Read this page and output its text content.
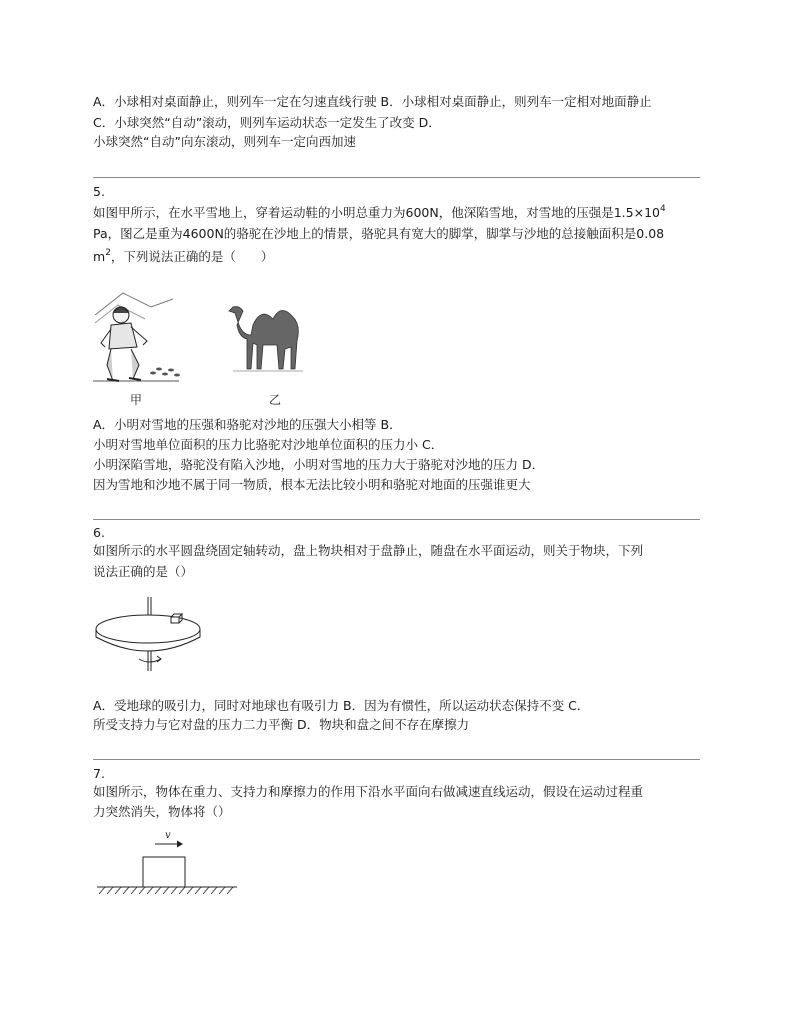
A．小球相对桌面静止，则列车一定在匀速直线行驶 B．小球相对桌面静止，则列车一定相对地面静止
C．小球突然“自动”滚动，则列车运动状态一定发生了改变 D．
小球突然“自动”向东滚动，则列车一定向西加速
5.
如图甲所示，在水平雪地上，穿着运动鞋的小明总重力为600N，他深陷雪地，对雪地的压强是$1.5\times 10^4$
Pa，图乙是重为4600N的骆驼在沙地上的情景，骆驼具有宽大的脚掌，脚掌与沙地的总接触面积是0.08
$m^2$，下列说法正确的是（　　）
甲	乙
A．小明对雪地的压强和骆驼对沙地的压强大小相等 B．
小明对雪地单位面积的压力比骆驼对沙地单位面积的压力小 C．
小明深陷雪地，骆驼没有陷入沙地，小明对雪地的压力大于骆驼对沙地的压力 D．
因为雪地和沙地不属于同一物质，根本无法比较小明和骆驼对地面的压强谁更大
6.
如图所示的水平圆盘绕固定轴转动，盘上物块相对于盘静止，随盘在水平面运动，则关于物块，下列
说法正确的是（）
A．受地球的吸引力，同时对地球也有吸引力 B．因为有惯性，所以运动状态保持不变 C．
所受支持力与它对盘的压力二力平衡 D．物块和盘之间不存在摩擦力
7.
如图所示，物体在重力、支持力和摩擦力的作用下沿水平面向右做减速直线运动，假设在运动过程重
力突然消失，物体将（）
v
